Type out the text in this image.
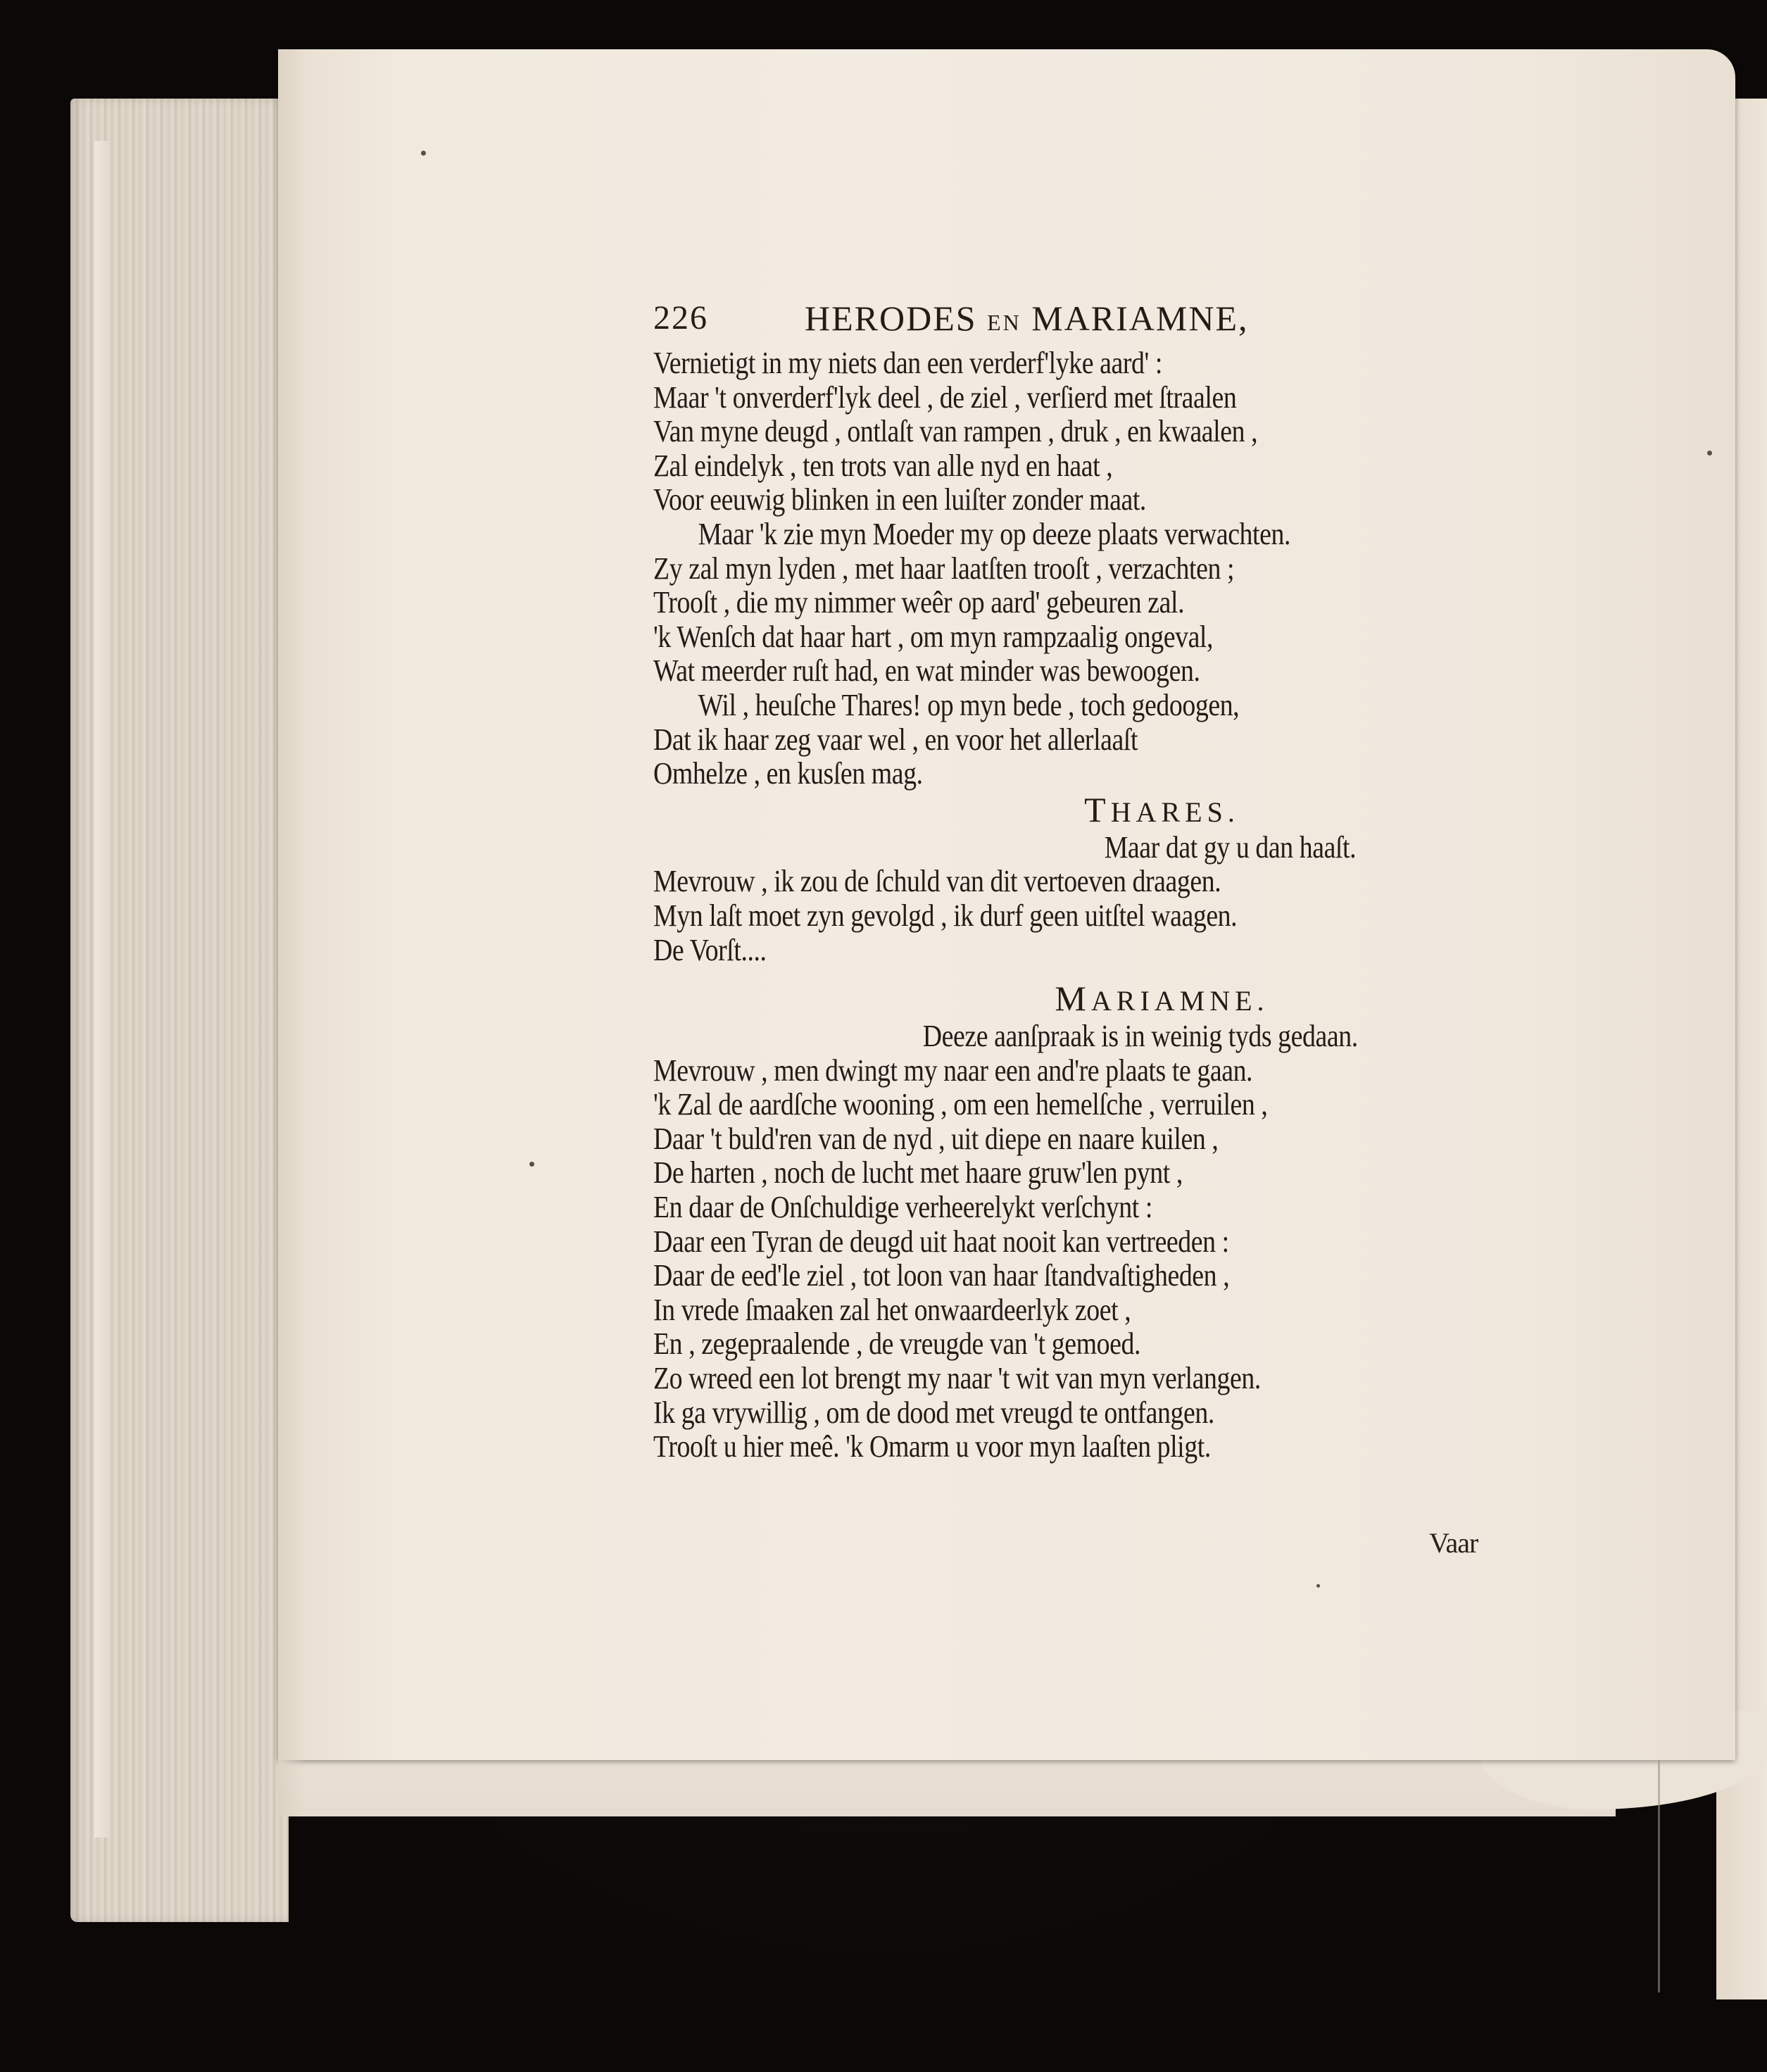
226	HERODES EN MARIAMNE,
Vernietigt in my niets dan een verderf'lyke aard' :
Maar 't onverderf'lyk deel , de ziel , verſierd met ſtraalen
Van myne deugd , ontlaſt van rampen , druk , en kwaalen ,
Zal eindelyk , ten trots van alle nyd en haat ,
Voor eeuwig blinken in een luiſter zonder maat.
Maar 'k zie myn Moeder my op deeze plaats verwachten.
Zy zal myn lyden , met haar laatſten trooſt , verzachten ;
Trooſt , die my nimmer weêr op aard' gebeuren zal.
'k Wenſch dat haar hart , om myn rampzaalig ongeval,
Wat meerder ruſt had, en wat minder was bewoogen.
Wil , heuſche Thares! op myn bede , toch gedoogen,
Dat ik haar zeg vaar wel , en voor het allerlaaſt
Omhelze , en kusſen mag.
THARES.
Maar dat gy u dan haaſt.
Mevrouw , ik zou de ſchuld van dit vertoeven draagen.
Myn laſt moet zyn gevolgd , ik durf geen uitſtel waagen.
De Vorſt....
MARIAMNE.
Deeze aanſpraak is in weinig tyds gedaan.
Mevrouw , men dwingt my naar een and're plaats te gaan.
'k Zal de aardſche wooning , om een hemelſche , verruilen ,
Daar 't buld'ren van de nyd , uit diepe en naare kuilen ,
De harten , noch de lucht met haare gruw'len pynt ,
En daar de Onſchuldige verheerelykt verſchynt :
Daar een Tyran de deugd uit haat nooit kan vertreeden :
Daar de eed'le ziel , tot loon van haar ſtandvaſtigheden ,
In vrede ſmaaken zal het onwaardeerlyk zoet ,
En , zegepraalende , de vreugde van 't gemoed.
Zo wreed een lot brengt my naar 't wit van myn verlangen.
Ik ga vrywillig , om de dood met vreugd te ontfangen.
Trooſt u hier meê. 'k Omarm u voor myn laaſten pligt.
Vaar
